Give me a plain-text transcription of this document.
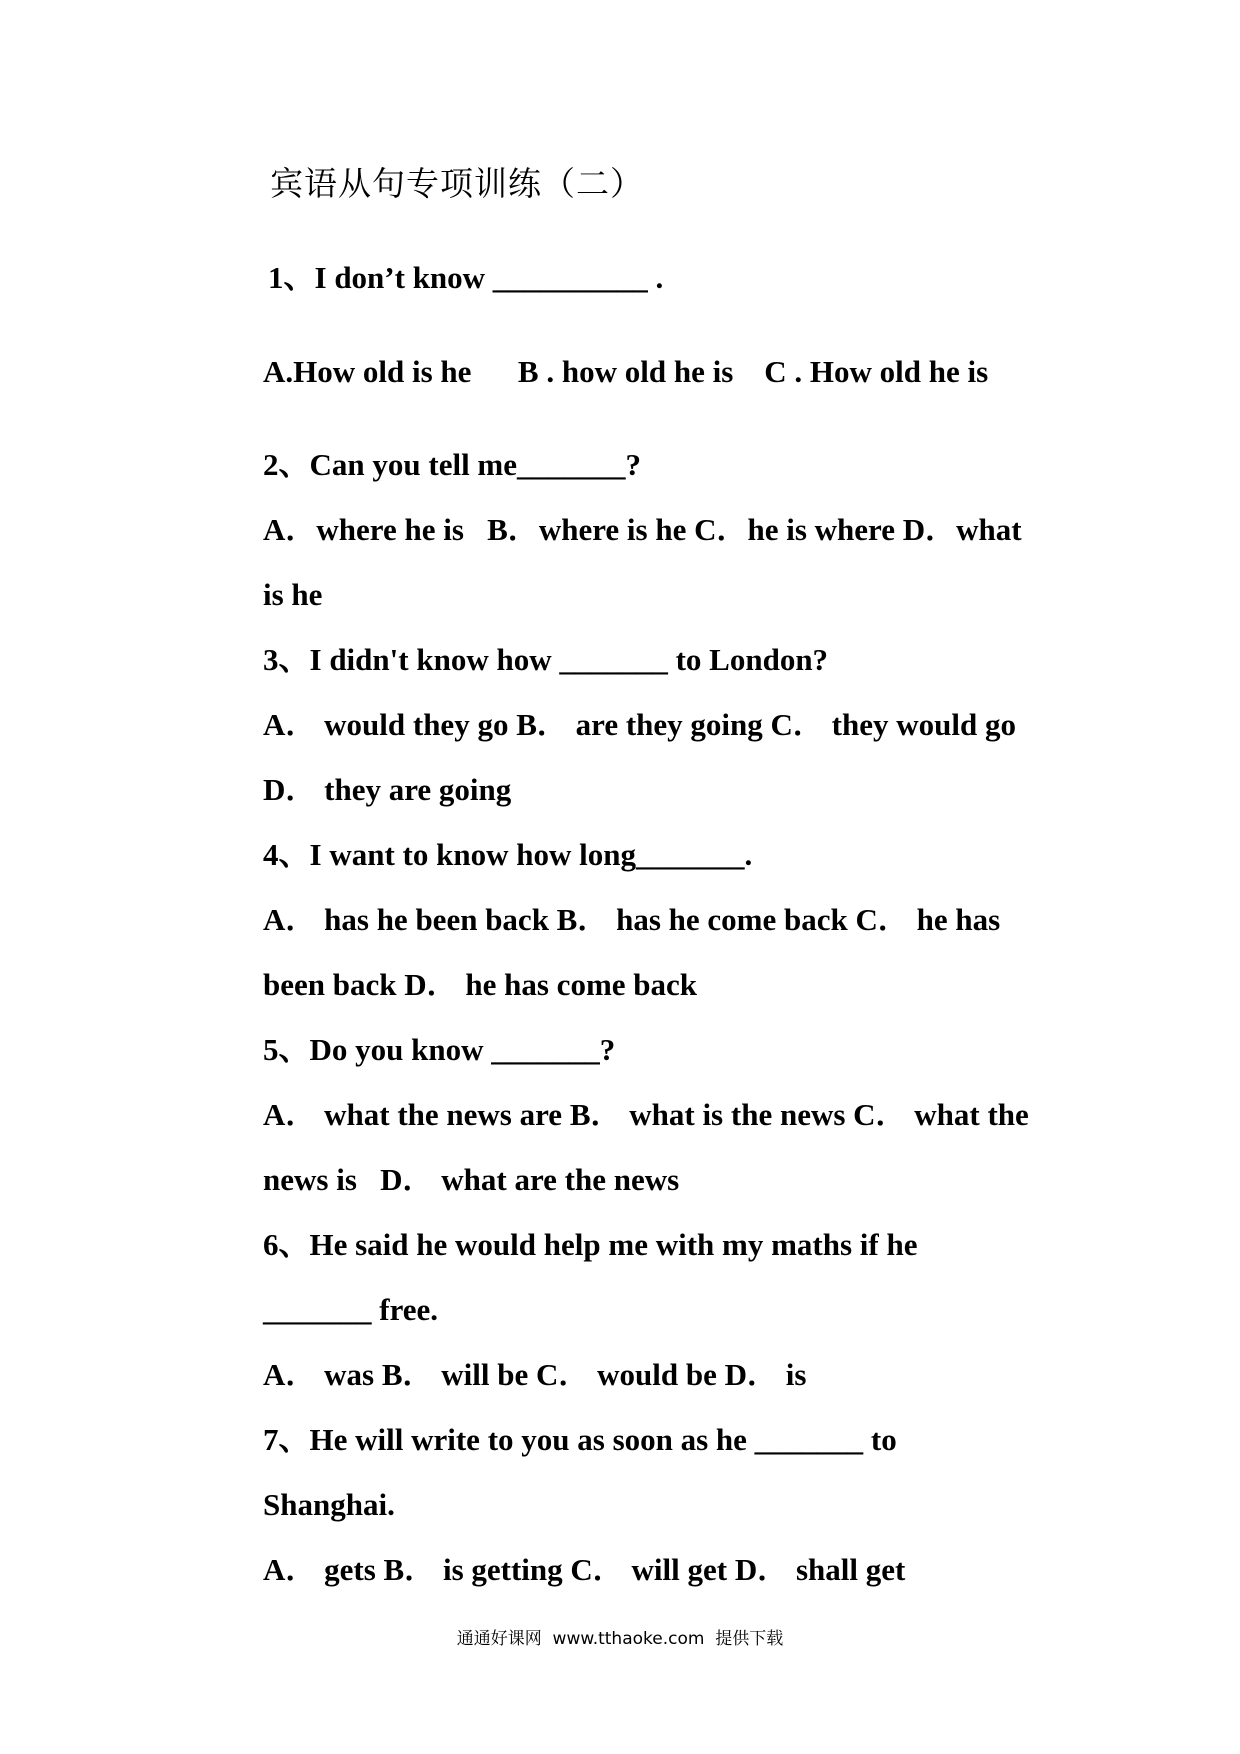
宾语从句专项训练（二）
1、I don’t know __________ .
A.How old is he      B . how old he is    C . How old he is
2、Can you tell me_______?
A．where he is   B．where is he C．he is where D．what
is he
3、I didn't know how _______ to London?
A． would they go B． are they going C． they would go
D． they are going
4、I want to know how long_______.
A． has he been back B． has he come back C． he has
been back D． he has come back
5、Do you know _______?
A． what the news are B． what is the news C． what the
news is   D． what are the news
6、He said he would help me with my maths if he
_______ free.
A． was B． will be C． would be D． is
7、He will write to you as soon as he _______ to
Shanghai.
A． gets B． is getting C． will get D． shall get
通通好课网  www.tthaoke.com  提供下载
